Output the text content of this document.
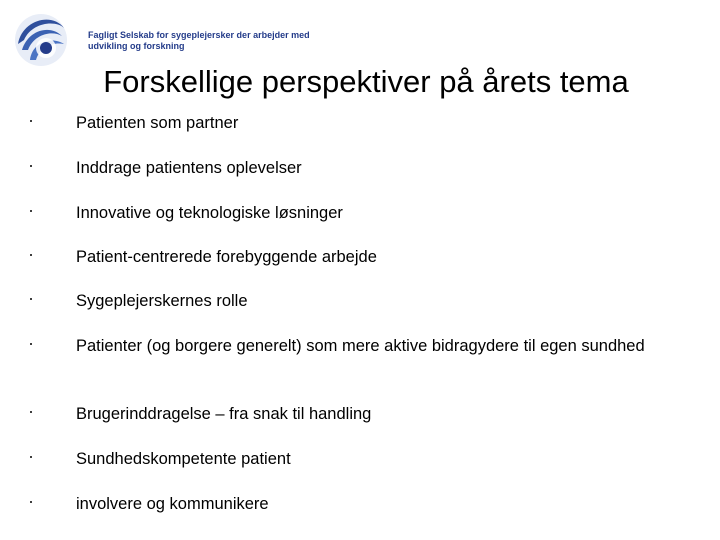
Fagligt Selskab for sygeplejersker der arbejder med
udvikling og forskning
Forskellige perspektiver på årets tema
Patienten som partner
Inddrage patientens oplevelser
Innovative og teknologiske løsninger
Patient-centrerede forebyggende arbejde
Sygeplejerskernes rolle
Patienter (og borgere generelt) som mere aktive bidragydere til egen sundhed
Brugerinddragelse – fra snak til handling
Sundhedskompetente patient
involvere og kommunikere
